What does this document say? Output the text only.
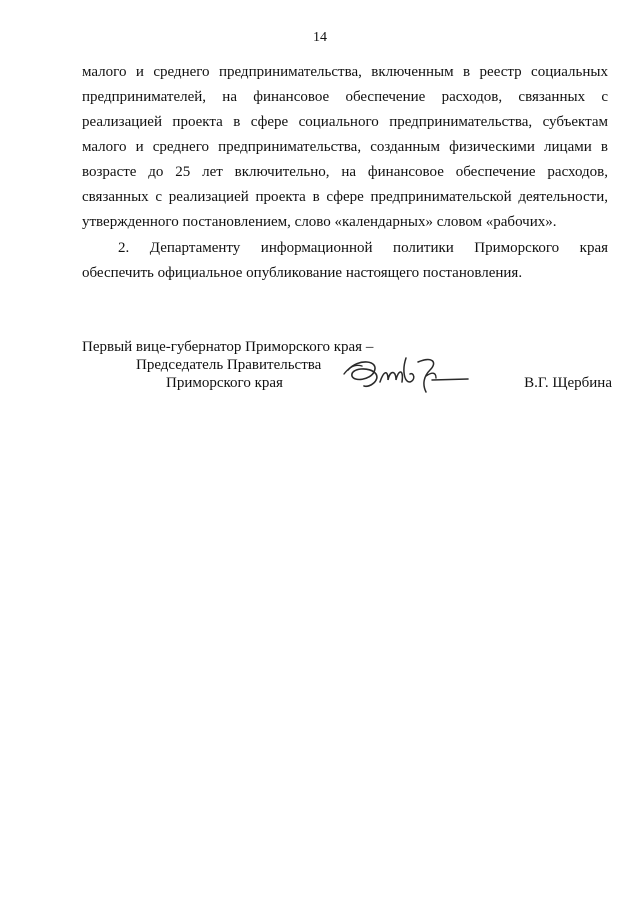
14
малого и среднего предпринимательства, включенным в реестр социальных
предпринимателей, на финансовое обеспечение расходов, связанных с
реализацией проекта в сфере социального предпринимательства, субъектам
малого и среднего предпринимательства, созданным физическими лицами в
возрасте до 25 лет включительно, на финансовое обеспечение расходов,
связанных с реализацией проекта в сфере предпринимательской деятельности,
утвержденного постановлением, слово «календарных» словом «рабочих».
2. Департаменту информационной политики Приморского края
обеспечить официальное опубликование настоящего постановления.
Первый вице-губернатор Приморского края –
Председатель Правительства
Приморского края	В.Г. Щербина
